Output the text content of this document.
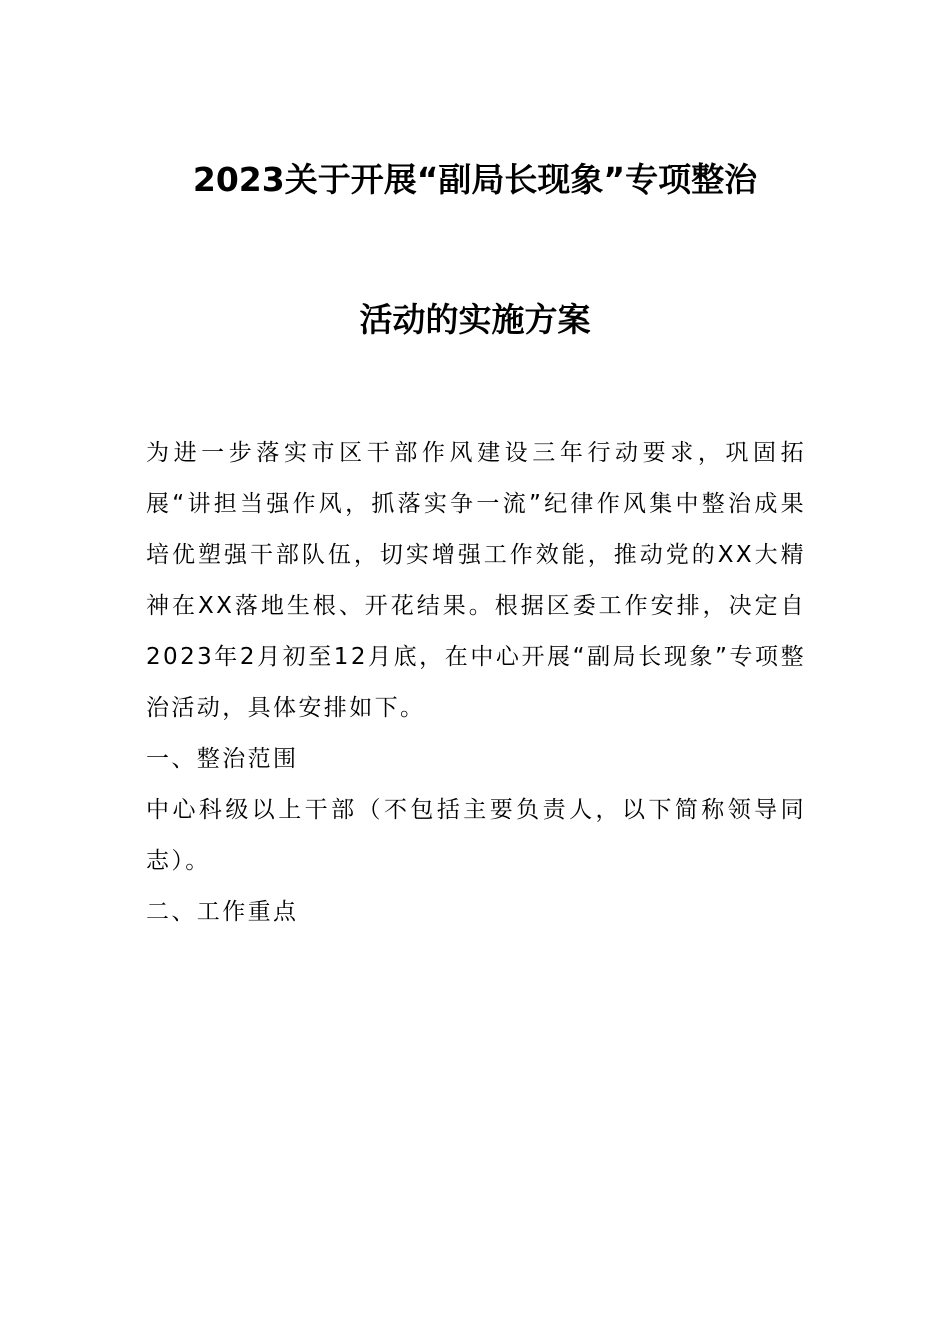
2023关于开展“副局长现象”专项整治
活动的实施方案

为进一步落实市区干部作风建设三年行动要求，巩固拓展“讲担当强作风，抓落实争一流”纪律作风集中整治成果培优塑强干部队伍，切实增强工作效能，推动党的XX大精神在XX落地生根、开花结果。根据区委工作安排，决定自2023年2月初至12月底，在中心开展“副局长现象”专项整治活动，具体安排如下。

一、整治范围

中心科级以上干部（不包括主要负责人，以下简称领导同志）。

二、工作重点
